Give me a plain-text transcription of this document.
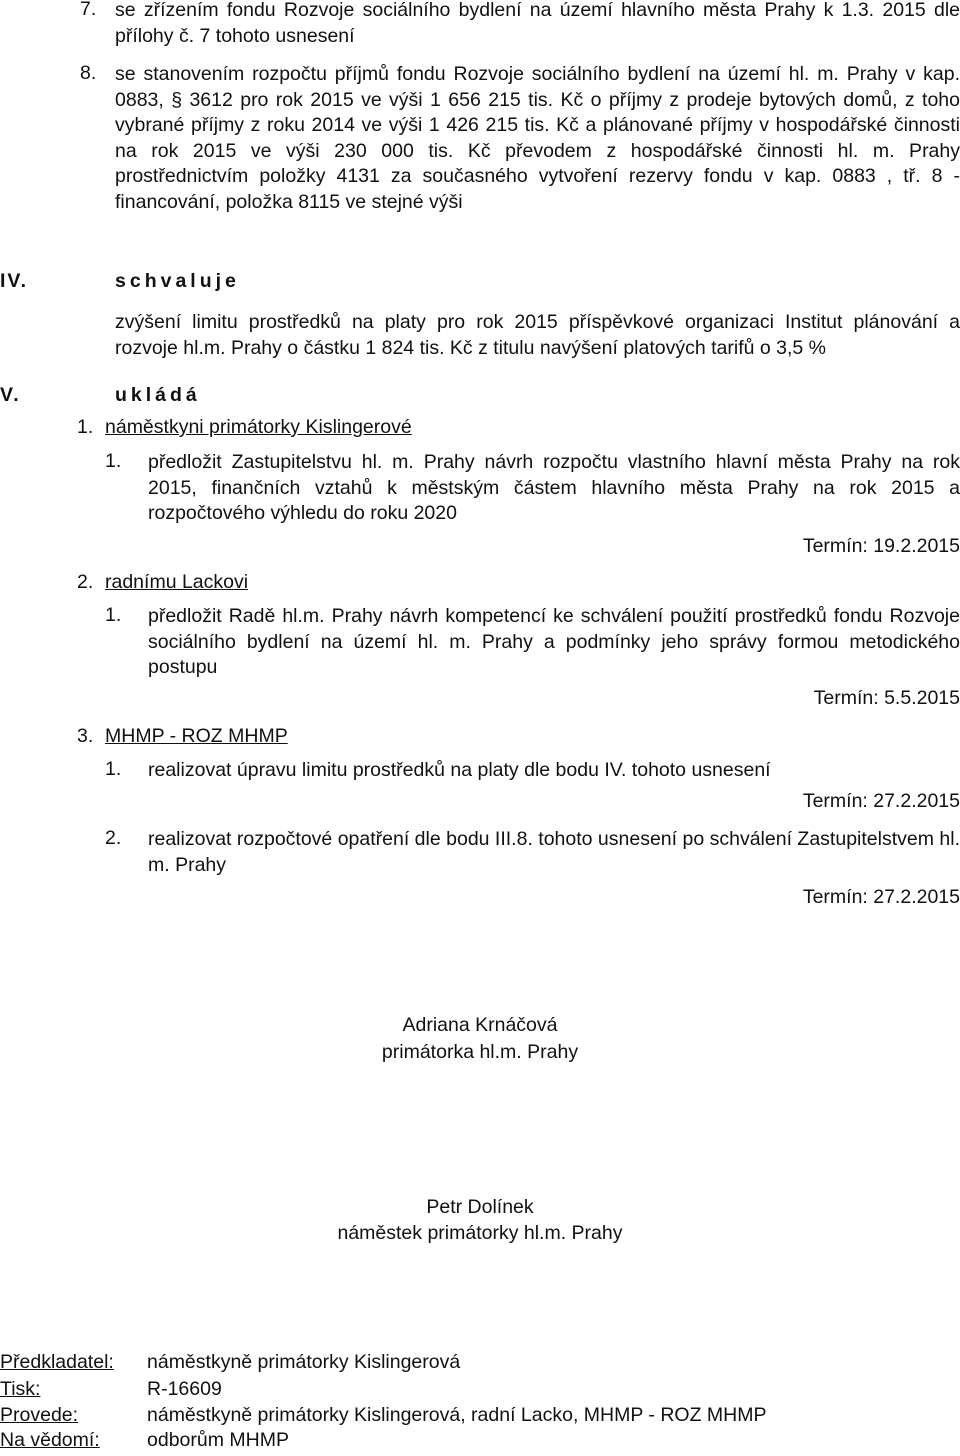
7. se zřízením fondu Rozvoje sociálního bydlení na území hlavního města Prahy k 1.3. 2015 dle přílohy č. 7 tohoto usnesení
8. se stanovením rozpočtu příjmů fondu Rozvoje sociálního bydlení na území hl. m. Prahy v kap. 0883, § 3612 pro rok 2015 ve výši 1 656 215 tis. Kč o příjmy z prodeje bytových domů, z toho vybrané příjmy z roku 2014 ve výši 1 426 215 tis. Kč a plánované příjmy v hospodářské činnosti na rok 2015 ve výši 230 000 tis. Kč převodem z hospodářské činnosti hl. m. Prahy prostřednictvím položky 4131 za současného vytvoření rezervy fondu v kap. 0883 , tř. 8 - financování, položka 8115 ve stejné výši
IV.	schvaluje
zvýšení limitu prostředků na platy pro rok 2015 příspěvkové organizaci Institut plánování a rozvoje hl.m. Prahy o částku 1 824 tis. Kč z titulu navýšení platových tarifů o 3,5 %
V.	ukládá
1. náměstkyni primátorky Kislingerové
1. předložit Zastupitelstvu hl. m. Prahy návrh rozpočtu vlastního hlavní města Prahy na rok 2015, finančních vztahů k městským částem hlavního města Prahy na rok 2015 a rozpočtového výhledu do roku 2020
Termín: 19.2.2015
2. radnímu Lackovi
1. předložit Radě hl.m. Prahy návrh kompetencí ke schválení použití prostředků fondu Rozvoje sociálního bydlení na území hl. m. Prahy a podmínky jeho správy formou metodického postupu
Termín: 5.5.2015
3. MHMP - ROZ MHMP
1. realizovat úpravu limitu prostředků na platy dle bodu IV. tohoto usnesení
Termín: 27.2.2015
2. realizovat rozpočtové opatření dle bodu III.8. tohoto usnesení po schválení Zastupitelstvem hl. m. Prahy
Termín: 27.2.2015
Adriana Krnáčová
primátorka hl.m. Prahy
Petr Dolínek
náměstek primátorky hl.m. Prahy
Předkladatel: náměstkyně primátorky Kislingerová
Tisk:	R-16609
Provede:	náměstkyně primátorky Kislingerová, radní Lacko, MHMP - ROZ MHMP
Na vědomí: odborům MHMP
